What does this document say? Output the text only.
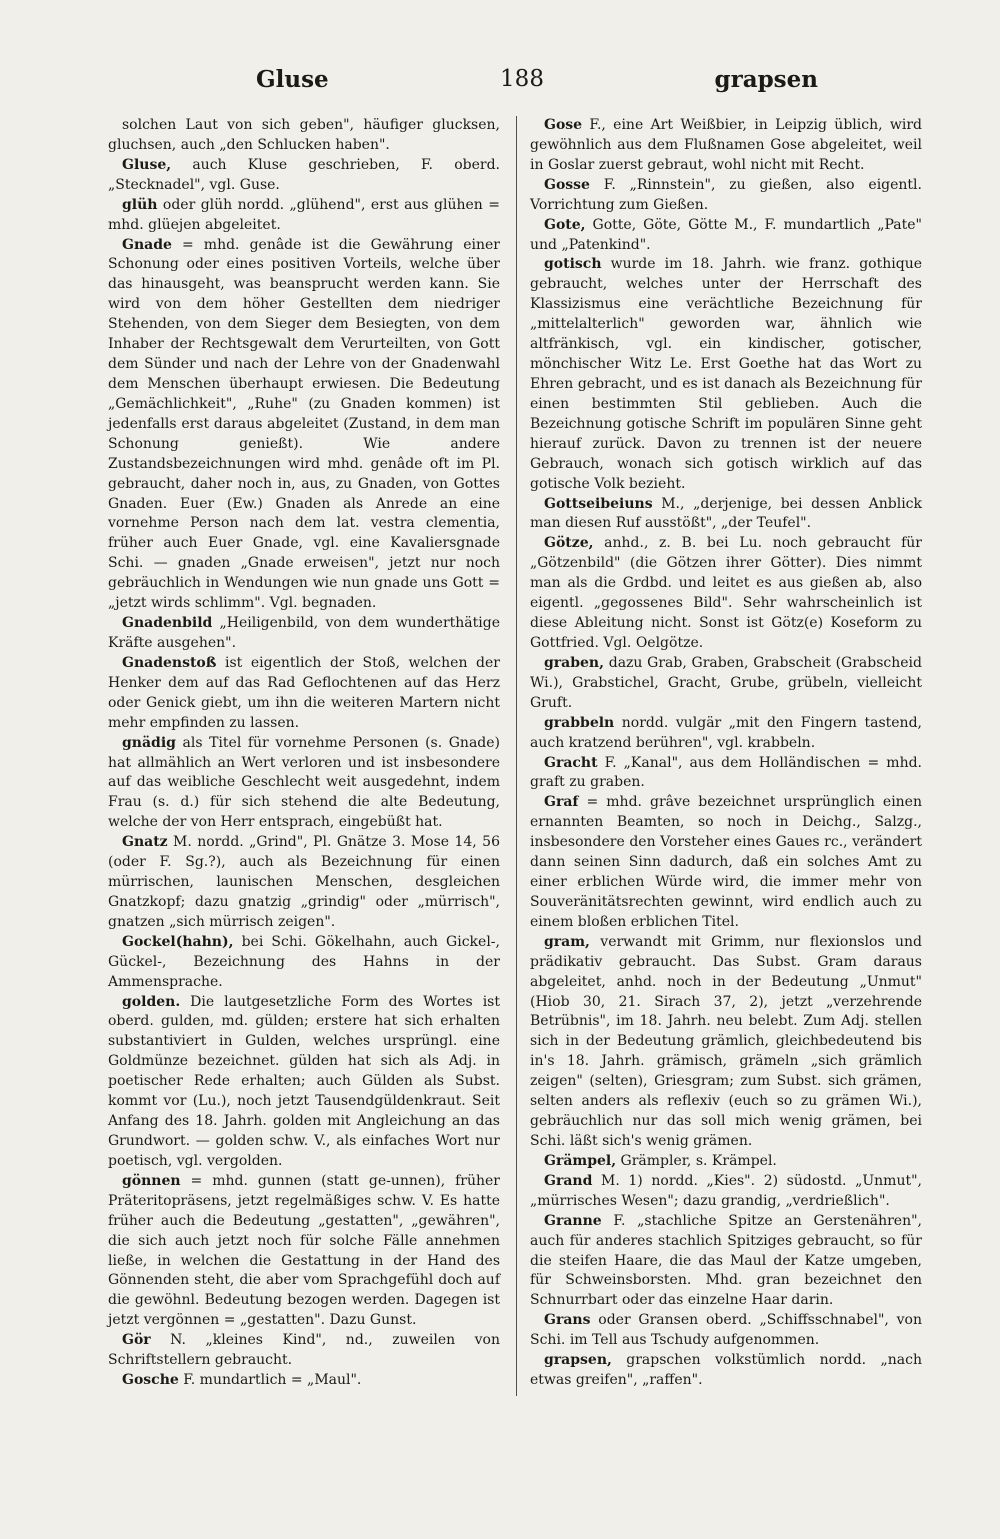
Gluse	188	grapsen

solchen Laut von sich geben", häufiger glucksen, gluchsen, auch „den Schlucken haben".

Gluse, auch Kluse geschrieben, F. oberd. „Stecknadel", vgl. Guse.

glüh oder glüh nordd. „glühend", erst aus glühen = mhd. glüejen abgeleitet.

Gnade = mhd. genâde ist die Gewährung einer Schonung oder eines positiven Vorteils, welche über das hinausgeht, was beansprucht werden kann. Sie wird von dem höher Gestellten dem niedriger Stehenden, von dem Sieger dem Besiegten, von dem Inhaber der Rechtsgewalt dem Verurteilten, von Gott dem Sünder und nach der Lehre von der Gnadenwahl dem Menschen überhaupt erwiesen. Die Bedeutung „Gemächlichkeit", „Ruhe" (zu Gnaden kommen) ist jedenfalls erst daraus abgeleitet (Zustand, in dem man Schonung genießt). Wie andere Zustandsbezeichnungen wird mhd. genâde oft im Pl. gebraucht, daher noch in, aus, zu Gnaden, von Gottes Gnaden. Euer (Ew.) Gnaden als Anrede an eine vornehme Person nach dem lat. vestra clementia, früher auch Euer Gnade, vgl. eine Kavaliersgnade Schi. — gnaden „Gnade erweisen", jetzt nur noch gebräuchlich in Wendungen wie nun gnade uns Gott = „jetzt wirds schlimm". Vgl. begnaden.

Gnadenbild „Heiligenbild, von dem wunderthätige Kräfte ausgehen".

Gnadenstoß ist eigentlich der Stoß, welchen der Henker dem auf das Rad Geflochtenen auf das Herz oder Genick giebt, um ihn die weiteren Martern nicht mehr empfinden zu lassen.

gnädig als Titel für vornehme Personen (s. Gnade) hat allmählich an Wert verloren und ist insbesondere auf das weibliche Geschlecht weit ausgedehnt, indem Frau (s. d.) für sich stehend die alte Bedeutung, welche der von Herr entsprach, eingebüßt hat.

Gnatz M. nordd. „Grind", Pl. Gnätze 3. Mose 14, 56 (oder F. Sg.?), auch als Bezeichnung für einen mürrischen, launischen Menschen, desgleichen Gnatzkopf; dazu gnatzig „grindig" oder „mürrisch", gnatzen „sich mürrisch zeigen".

Gockel(hahn), bei Schi. Gökelhahn, auch Gickel-, Gückel-, Bezeichnung des Hahns in der Ammensprache.

golden. Die lautgesetzliche Form des Wortes ist oberd. gulden, md. gülden; erstere hat sich erhalten substantiviert in Gulden, welches ursprüngl. eine Goldmünze bezeichnet. gülden hat sich als Adj. in poetischer Rede erhalten; auch Gülden als Subst. kommt vor (Lu.), noch jetzt Tausendgüldenkraut. Seit Anfang des 18. Jahrh. golden mit Angleichung an das Grundwort. — golden schw. V., als einfaches Wort nur poetisch, vgl. vergolden.

gönnen = mhd. gunnen (statt ge-unnen), früher Präteritopräsens, jetzt regelmäßiges schw. V. Es hatte früher auch die Bedeutung „gestatten", „gewähren", die sich auch jetzt noch für solche Fälle annehmen ließe, in welchen die Gestattung in der Hand des Gönnenden steht, die aber vom Sprachgefühl doch auf die gewöhnl. Bedeutung bezogen werden. Dagegen ist jetzt vergönnen = „gestatten". Dazu Gunst.

Gör N. „kleines Kind", nd., zuweilen von Schriftstellern gebraucht.

Gosche F. mundartlich = „Maul".

Gose F., eine Art Weißbier, in Leipzig üblich, wird gewöhnlich aus dem Flußnamen Gose abgeleitet, weil in Goslar zuerst gebraut, wohl nicht mit Recht.

Gosse F. „Rinnstein", zu gießen, also eigentl. Vorrichtung zum Gießen.

Gote, Gotte, Göte, Götte M., F. mundartlich „Pate" und „Patenkind".

gotisch wurde im 18. Jahrh. wie franz. gothique gebraucht, welches unter der Herrschaft des Klassizismus eine verächtliche Bezeichnung für „mittelalterlich" geworden war, ähnlich wie altfränkisch, vgl. ein kindischer, gotischer, mönchischer Witz Le. Erst Goethe hat das Wort zu Ehren gebracht, und es ist danach als Bezeichnung für einen bestimmten Stil geblieben. Auch die Bezeichnung gotische Schrift im populären Sinne geht hierauf zurück. Davon zu trennen ist der neuere Gebrauch, wonach sich gotisch wirklich auf das gotische Volk bezieht.

Gottseibeiuns M., „derjenige, bei dessen Anblick man diesen Ruf ausstößt", „der Teufel".

Götze, anhd., z. B. bei Lu. noch gebraucht für „Götzenbild" (die Götzen ihrer Götter). Dies nimmt man als die Grdbd. und leitet es aus gießen ab, also eigentl. „gegossenes Bild". Sehr wahrscheinlich ist diese Ableitung nicht. Sonst ist Götz(e) Koseform zu Gottfried. Vgl. Oelgötze.

graben, dazu Grab, Graben, Grabscheit (Grabscheid Wi.), Grabstichel, Gracht, Grube, grübeln, vielleicht Gruft.

grabbeln nordd. vulgär „mit den Fingern tastend, auch kratzend berühren", vgl. krabbeln.

Gracht F. „Kanal", aus dem Holländischen = mhd. graft zu graben.

Graf = mhd. grâve bezeichnet ursprünglich einen ernannten Beamten, so noch in Deichg., Salzg., insbesondere den Vorsteher eines Gaues rc., verändert dann seinen Sinn dadurch, daß ein solches Amt zu einer erblichen Würde wird, die immer mehr von Souveränitätsrechten gewinnt, wird endlich auch zu einem bloßen erblichen Titel.

gram, verwandt mit Grimm, nur flexionslos und prädikativ gebraucht. Das Subst. Gram daraus abgeleitet, anhd. noch in der Bedeutung „Unmut" (Hiob 30, 21. Sirach 37, 2), jetzt „verzehrende Betrübnis", im 18. Jahrh. neu belebt. Zum Adj. stellen sich in der Bedeutung grämlich, gleichbedeutend bis in's 18. Jahrh. grämisch, grämeln „sich grämlich zeigen" (selten), Griesgram; zum Subst. sich grämen, selten anders als reflexiv (euch so zu grämen Wi.), gebräuchlich nur das soll mich wenig grämen, bei Schi. läßt sich's wenig grämen.

Grämpel, Grämpler, s. Krämpel.

Grand M. 1) nordd. „Kies". 2) südostd. „Unmut", „mürrisches Wesen"; dazu grandig, „verdrießlich".

Granne F. „stachliche Spitze an Gerstenähren", auch für anderes stachlich Spitziges gebraucht, so für die steifen Haare, die das Maul der Katze umgeben, für Schweinsborsten. Mhd. gran bezeichnet den Schnurrbart oder das einzelne Haar darin.

Grans oder Gransen oberd. „Schiffsschnabel", von Schi. im Tell aus Tschudy aufgenommen.

grapsen, grapschen volkstümlich nordd. „nach etwas greifen", „raffen".
